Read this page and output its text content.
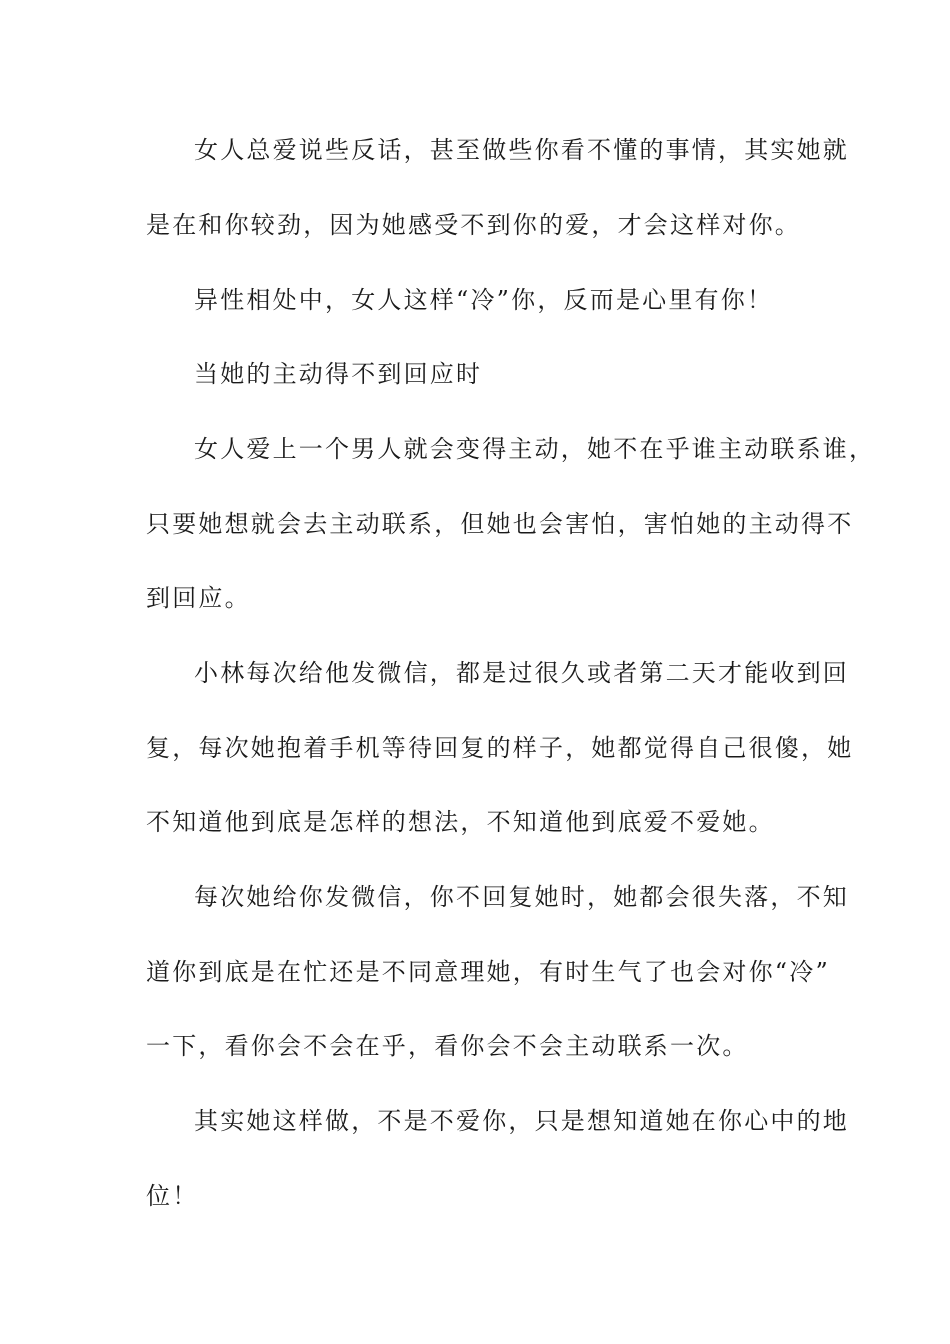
女人总爱说些反话，甚至做些你看不懂的事情，其实她就
是在和你较劲，因为她感受不到你的爱，才会这样对你。
异性相处中，女人这样“冷”你，反而是心里有你！
当她的主动得不到回应时
女人爱上一个男人就会变得主动，她不在乎谁主动联系谁，
只要她想就会去主动联系，但她也会害怕，害怕她的主动得不
到回应。
小林每次给他发微信，都是过很久或者第二天才能收到回
复，每次她抱着手机等待回复的样子，她都觉得自己很傻，她
不知道他到底是怎样的想法，不知道他到底爱不爱她。
每次她给你发微信，你不回复她时，她都会很失落，不知
道你到底是在忙还是不同意理她，有时生气了也会对你“冷”
一下，看你会不会在乎，看你会不会主动联系一次。
其实她这样做，不是不爱你，只是想知道她在你心中的地
位！
